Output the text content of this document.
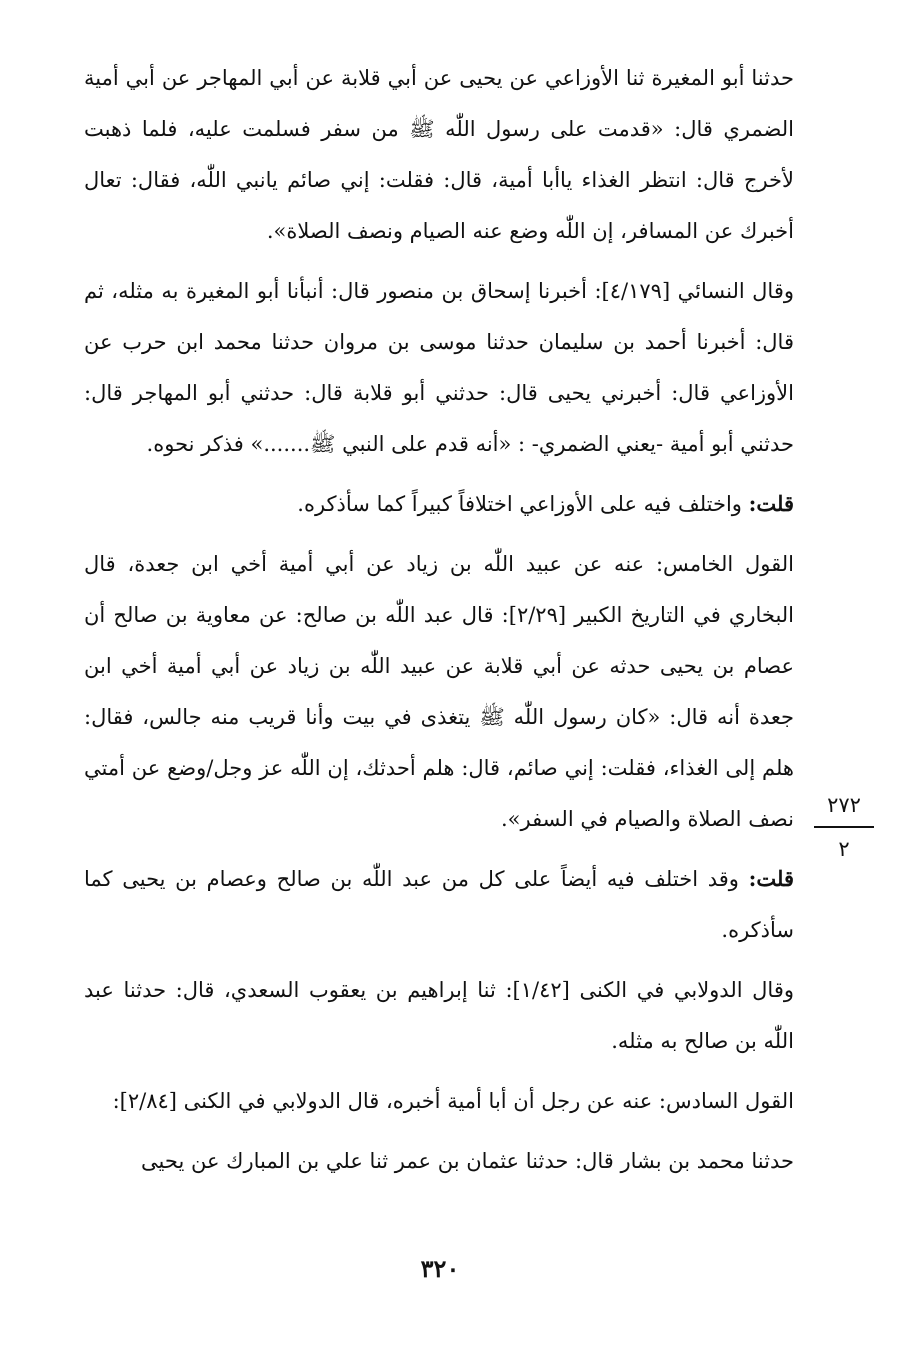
حدثنا أبو المغيرة ثنا الأوزاعي عن يحيى عن أبي قلابة عن أبي المهاجر عن أبي أمية الضمري قال: «قدمت على رسول اللّٰه ﷺ من سفر فسلمت عليه، فلما ذهبت لأخرج قال: انتظر الغذاء ياأبا أمية، قال: فقلت: إني صائم يانبي اللّٰه، فقال: تعال أخبرك عن المسافر، إن اللّٰه وضع عنه الصيام ونصف الصلاة».

وقال النسائي [٤/١٧٩]: أخبرنا إسحاق بن منصور قال: أنبأنا أبو المغيرة به مثله، ثم قال: أخبرنا أحمد بن سليمان حدثنا موسى بن مروان حدثنا محمد ابن حرب عن الأوزاعي قال: أخبرني يحيى قال: حدثني أبو قلابة قال: حدثني أبو المهاجر قال: حدثني أبو أمية -يعني الضمري- : «أنه قدم على النبي ﷺ.......» فذكر نحوه.

قلت: واختلف فيه على الأوزاعي اختلافاً كبيراً كما سأذكره.

القول الخامس: عنه عن عبيد اللّٰه بن زياد عن أبي أمية أخي ابن جعدة، قال البخاري في التاريخ الكبير [٢/٢٩]: قال عبد اللّٰه بن صالح: عن معاوية بن صالح أن عصام بن يحيى حدثه عن أبي قلابة عن عبيد اللّٰه بن زياد عن أبي أمية أخي ابن جعدة أنه قال: «كان رسول اللّٰه ﷺ يتغذى في بيت وأنا قريب منه جالس، فقال: هلم إلى الغذاء، فقلت: إني صائم، قال: هلم أحدثك، إن اللّٰه عز وجل/وضع عن أمتي نصف الصلاة والصيام في السفر».

قلت: وقد اختلف فيه أيضاً على كل من عبد اللّٰه بن صالح وعصام بن يحيى كما سأذكره.

وقال الدولابي في الكنى [١/٤٢]: ثنا إبراهيم بن يعقوب السعدي، قال: حدثنا عبد اللّٰه بن صالح به مثله.

القول السادس: عنه عن رجل أن أبا أمية أخبره، قال الدولابي في الكنى [٢/٨٤]:

حدثنا محمد بن بشار قال: حدثنا عثمان بن عمر ثنا علي بن المبارك عن يحيى

٢٧٢
٢
٣٢٠
